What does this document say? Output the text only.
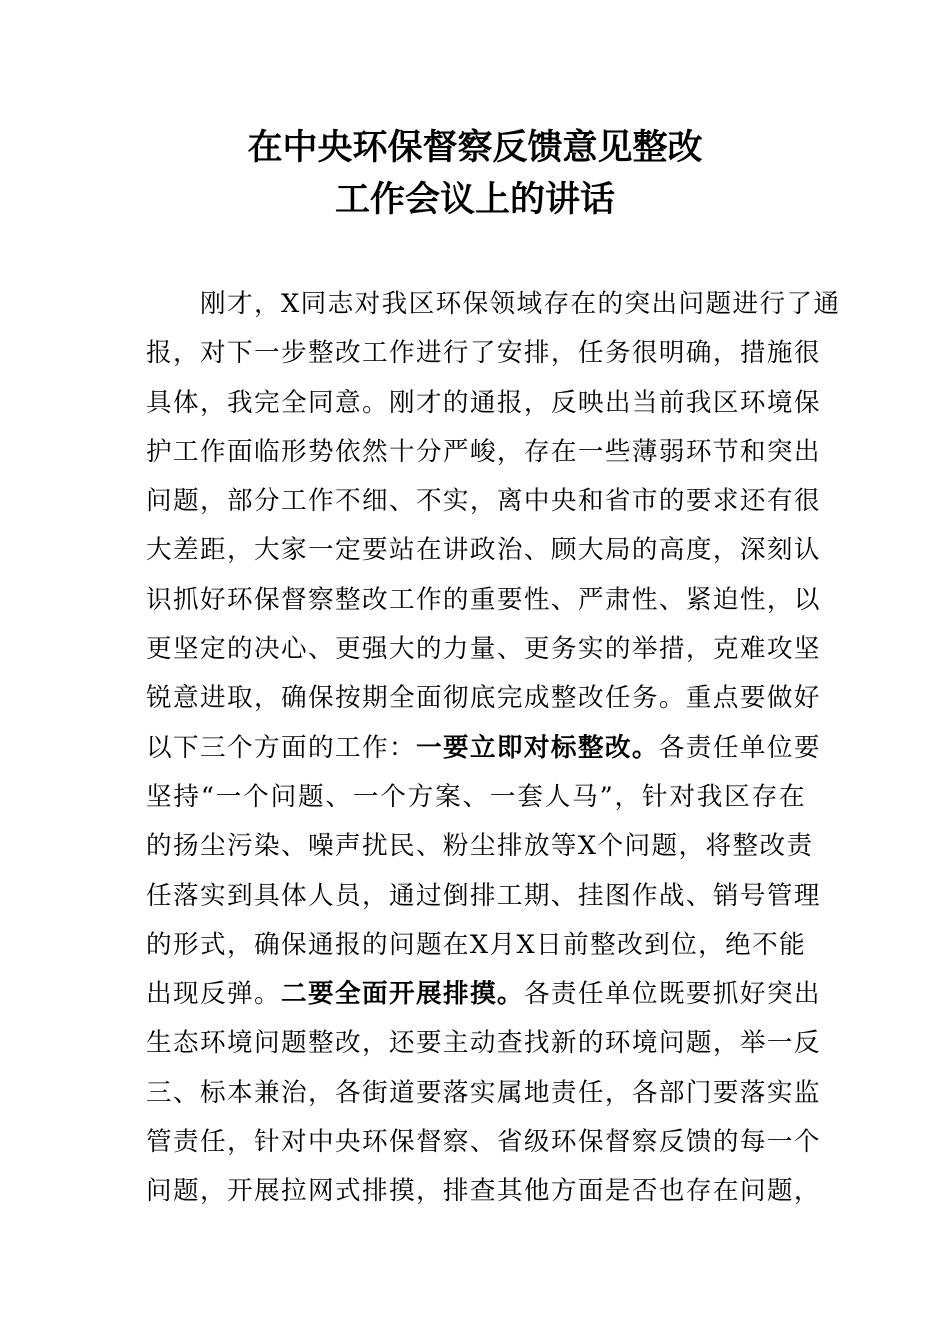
在中央环保督察反馈意见整改
工作会议上的讲话
刚才，X同志对我区环保领域存在的突出问题进行了通
报，对下一步整改工作进行了安排，任务很明确，措施很
具体，我完全同意。刚才的通报，反映出当前我区环境保
护工作面临形势依然十分严峻，存在一些薄弱环节和突出
问题，部分工作不细、不实，离中央和省市的要求还有很
大差距，大家一定要站在讲政治、顾大局的高度，深刻认
识抓好环保督察整改工作的重要性、严肃性、紧迫性，以
更坚定的决心、更强大的力量、更务实的举措，克难攻坚
锐意进取，确保按期全面彻底完成整改任务。重点要做好
以下三个方面的工作：一要立即对标整改。各责任单位要
坚持“一个问题、一个方案、一套人马”，针对我区存在
的扬尘污染、噪声扰民、粉尘排放等X个问题，将整改责
任落实到具体人员，通过倒排工期、挂图作战、销号管理
的形式，确保通报的问题在X月X日前整改到位，绝不能
出现反弹。二要全面开展排摸。各责任单位既要抓好突出
生态环境问题整改，还要主动查找新的环境问题，举一反
三、标本兼治，各街道要落实属地责任，各部门要落实监
管责任，针对中央环保督察、省级环保督察反馈的每一个
问题，开展拉网式排摸，排查其他方面是否也存在问题，
